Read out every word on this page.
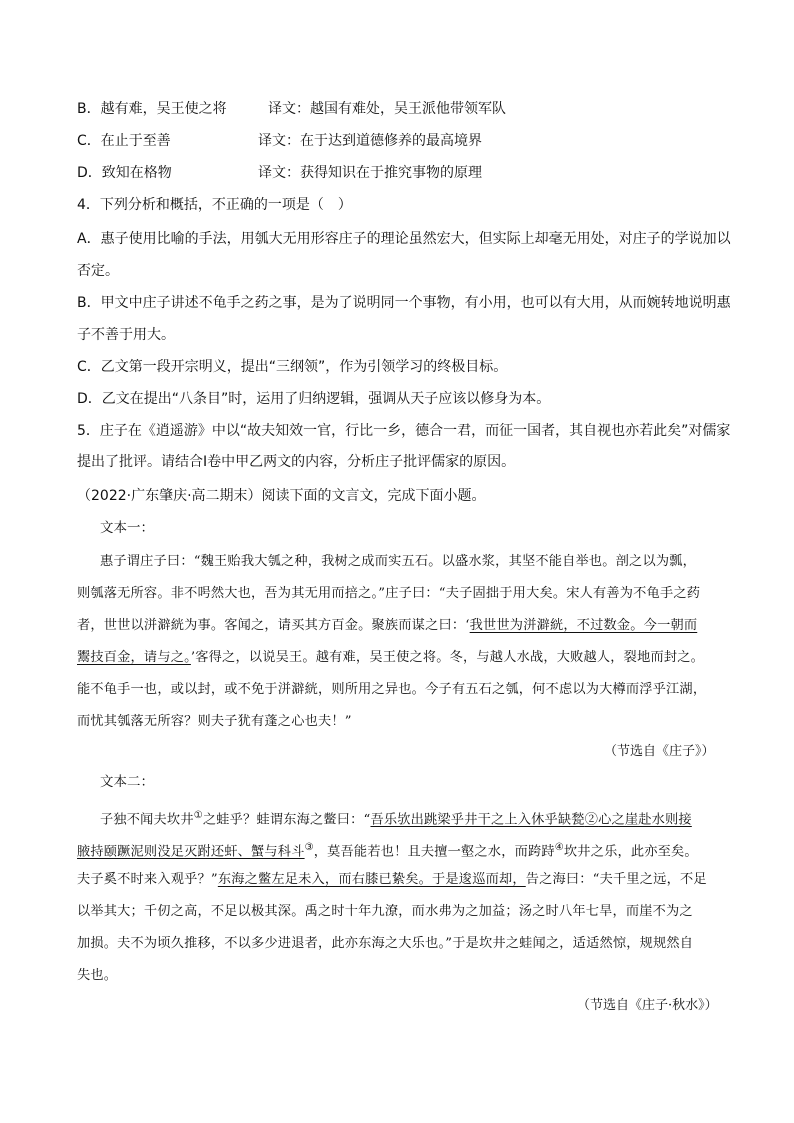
B．越有难，吴王使之将	译文：越国有难处，吴王派他带领军队
C．在止于至善	译文：在于达到道德修养的最高境界
D．致知在格物	译文：获得知识在于推究事物的原理
4．下列分析和概括，不正确的一项是（　）
A．惠子使用比喻的手法，用瓠大无用形容庄子的理论虽然宏大，但实际上却毫无用处，对庄子的学说加以
否定。
B．甲文中庄子讲述不龟手之药之事，是为了说明同一个事物，有小用，也可以有大用，从而婉转地说明惠
子不善于用大。
C．乙文第一段开宗明义，提出“三纲领”，作为引领学习的终极目标。
D．乙文在提出“八条目”时，运用了归纳逻辑，强调从天子应该以修身为本。
5．庄子在《逍遥游》中以“故夫知效一官，行比一乡，德合一君，而征一国者，其自视也亦若此矣”对儒家
提出了批评。请结合Ⅰ卷中甲乙两文的内容，分析庄子批评儒家的原因。
（2022·广东肇庆·高二期末）阅读下面的文言文，完成下面小题。
文本一：
惠子谓庄子曰：“魏王贻我大瓠之种，我树之成而实五石。以盛水浆，其坚不能自举也。剖之以为瓢，
则瓠落无所容。非不呺然大也，吾为其无用而掊之。”庄子曰：“夫子固拙于用大矣。宋人有善为不龟手之药
者，世世以洴澼絖为事。客闻之，请买其方百金。聚族而谋之曰：‘我世世为洴澼絖，不过数金。今一朝而
鬻技百金，请与之。’客得之，以说吴王。越有难，吴王使之将。冬，与越人水战，大败越人，裂地而封之。
能不龟手一也，或以封，或不免于洴澼絖，则所用之异也。今子有五石之瓠，何不虑以为大樽而浮乎江湖，
而忧其瓠落无所容？则夫子犹有蓬之心也夫！”
（节选自《庄子》）
文本二：
子独不闻夫坎井①之蛙乎？蛙谓东海之鳖曰：“吾乐欤出跳梁乎井干之上入休乎缺甃②心之崖赴水则接
腋持颐蹶泥则没足灭跗还虷、蟹与科斗③，莫吾能若也！且夫擅一壑之水，而跨跱④坎井之乐，此亦至矣。
夫子奚不时来入观乎？”东海之鳖左足未入，而右膝已絷矣。于是逡巡而却，告之海曰：“夫千里之远，不足
以举其大；千仞之高，不足以极其深。禹之时十年九潦，而水弗为之加益；汤之时八年七旱，而崖不为之
加损。夫不为顷久推移，不以多少进退者，此亦东海之大乐也。”于是坎井之蛙闻之，适适然惊，规规然自
失也。
（节选自《庄子·秋水》）
